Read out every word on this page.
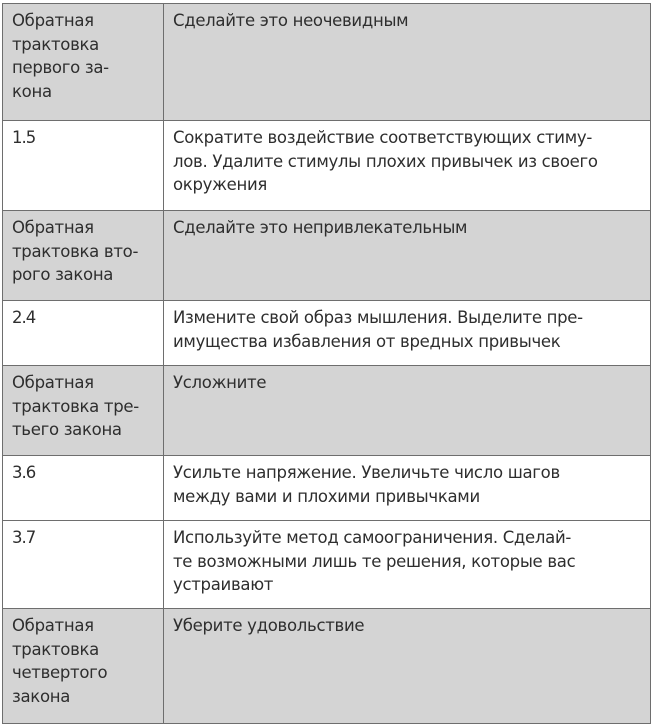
Обратная
трактовка
первого за-
кона	Сделайте это неочевидным

1.5	Сократите воздействие соответствующих стиму-
лов. Удалите стимулы плохих привычек из своего
окружения

Обратная
трактовка вто-
рого закона	Сделайте это непривлекательным

2.4	Измените свой образ мышления. Выделите пре-
имущества избавления от вредных привычек

Обратная
трактовка тре-
тьего закона	Усложните

3.6	Усильте напряжение. Увеличьте число шагов
между вами и плохими привычками

3.7	Используйте метод самоограничения. Сделай-
те возможными лишь те решения, которые вас
устраивают

Обратная
трактовка
четвертого
закона	Уберите удовольствие
